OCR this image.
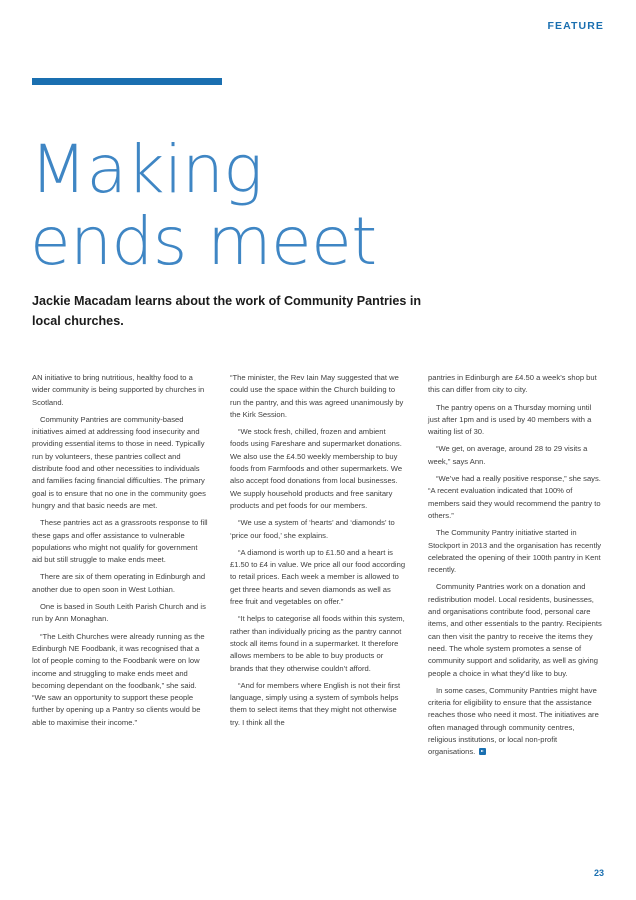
FEATURE
Making
ends meet
Jackie Macadam learns about the work of Community Pantries in local churches.

AN initiative to bring nutritious, healthy food to a wider community is being supported by churches in Scotland.

Community Pantries are community-based initiatives aimed at addressing food insecurity and providing essential items to those in need. Typically run by volunteers, these pantries collect and distribute food and other necessities to individuals and families facing financial difficulties. The primary goal is to ensure that no one in the community goes hungry and that basic needs are met.

These pantries act as a grassroots response to fill these gaps and offer assistance to vulnerable populations who might not qualify for government aid but still struggle to make ends meet.

There are six of them operating in Edinburgh and another due to open soon in West Lothian.

One is based in South Leith Parish Church and is run by Ann Monaghan.

“The Leith Churches were already running as the Edinburgh NE Foodbank, it was recognised that a lot of people coming to the Foodbank were on low income and struggling to make ends meet and becoming dependant on the foodbank,” she said. “We saw an opportunity to support these people further by opening up a Pantry so clients would be able to maximise their income.”

“The minister, the Rev Iain May suggested that we could use the space within the Church building to run the pantry, and this was agreed unanimously by the Kirk Session.

“We stock fresh, chilled, frozen and ambient foods using Fareshare and supermarket donations. We also use the £4.50 weekly membership to buy foods from Farmfoods and other supermarkets. We also accept food donations from local businesses. We supply household products and free sanitary products and pet foods for our members.

“We use a system of ‘hearts’ and ‘diamonds’ to ‘price our food,’ she explains.

“A diamond is worth up to £1.50 and a heart is £1.50 to £4 in value. We price all our food according to retail prices. Each week a member is allowed to get three hearts and seven diamonds as well as free fruit and vegetables on offer.”

“It helps to categorise all foods within this system, rather than individually pricing as the pantry cannot stock all items found in a supermarket. It therefore allows members to be able to buy products or brands that they otherwise couldn’t afford.

“And for members where English is not their first language, simply using a system of symbols helps them to select items that they might not otherwise try. I think all the

pantries in Edinburgh are £4.50 a week’s shop but this can differ from city to city.

The pantry opens on a Thursday morning until just after 1pm and is used by 40 members with a waiting list of 30.

“We get, on average, around 28 to 29 visits a week,” says Ann.

“We’ve had a really positive response,” she says. “A recent evaluation indicated that 100% of members said they would recommend the pantry to others.”

The Community Pantry initiative started in Stockport in 2013 and the organisation has recently celebrated the opening of their 100th pantry in Kent recently.

Community Pantries work on a donation and redistribution model. Local residents, businesses, and organisations contribute food, personal care items, and other essentials to the pantry. Recipients can then visit the pantry to receive the items they need. The whole system promotes a sense of community support and solidarity, as well as giving people a choice in what they’d like to buy.

In some cases, Community Pantries might have criteria for eligibility to ensure that the assistance reaches those who need it most. The initiatives are often managed through community centres, religious institutions, or local non-profit organisations.

23
